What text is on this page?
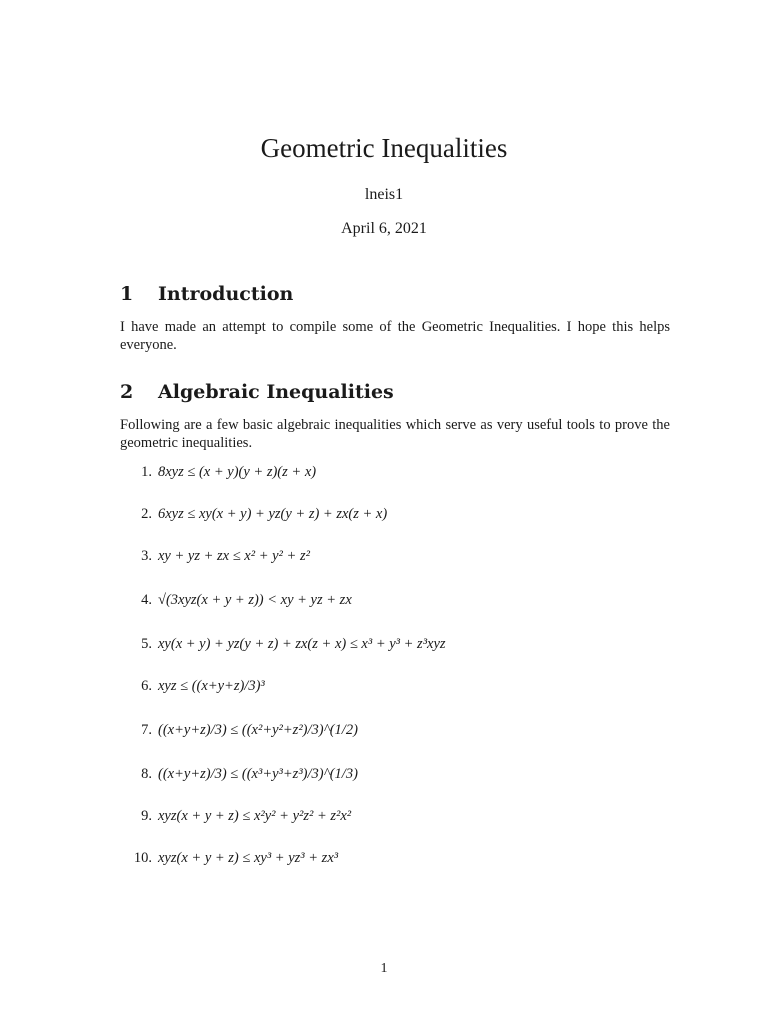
Geometric Inequalities
lneis1
April 6, 2021
1 Introduction
I have made an attempt to compile some of the Geometric Inequalities. I hope this helps everyone.
2 Algebraic Inequalities
Following are a few basic algebraic inequalities which serve as very useful tools to prove the geometric inequalities.
1. 8xyz ≤ (x + y)(y + z)(z + x)
2. 6xyz ≤ xy(x + y) + yz(y + z) + zx(z + x)
3. xy + yz + zx ≤ x² + y² + z²
4. √(3xyz(x + y + z)) < xy + yz + zx
5. xy(x + y) + yz(y + z) + zx(z + x) ≤ x³ + y³ + z³xyz
6. xyz ≤ ((x+y+z)/3)³
7. ((x+y+z)/3) ≤ ((x²+y²+z²)/3)^(1/2)
8. ((x+y+z)/3) ≤ ((x³+y³+z³)/3)^(1/3)
9. xyz(x + y + z) ≤ x²y² + y²z² + z²x²
10. xyz(x + y + z) ≤ xy³ + yz³ + zx³
1
